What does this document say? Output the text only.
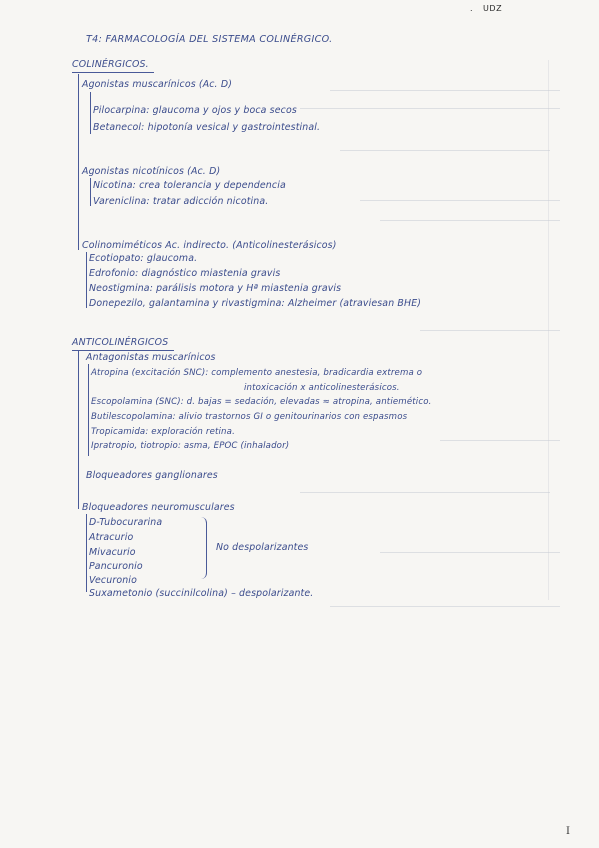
. UDZ
T4: FARMACOLOGÍA DEL SISTEMA COLINÉRGICO.
COLINÉRGICOS.
Agonistas muscarínicos (Ac. D)
Pilocarpina: glaucoma y ojos y boca secos
Betanecol: hipotonía vesical y gastrointestinal.
Agonistas nicotínicos (Ac. D)
Nicotina: crea tolerancia y dependencia
Vareniclina: tratar adicción nicotina.
Colinomiméticos Ac. indirecto. (Anticolinesterásicos)
Ecotiopato: glaucoma.
Edrofonio: diagnóstico miastenia gravis
Neostigmina: parálisis motora y Hª miastenia gravis
Donepezilo, galantamina y rivastigmina: Alzheimer (atraviesan BHE)
ANTICOLINÉRGICOS
Antagonistas muscarínicos
Atropina (excitación SNC): complemento anestesia, bradicardia extrema o
intoxicación x anticolinesterásicos.
Escopolamina (SNC): d. bajas = sedación, elevadas ≈ atropina, antiemético.
Butilescopolamina: alivio trastornos GI o genitourinarios con espasmos
Tropicamida: exploración retina.
Ipratropio, tiotropio: asma, EPOC (inhalador)
Bloqueadores ganglionares
Bloqueadores neuromusculares
D-Tubocurarina
Atracurio
Mivacurio
Pancuronio
Vecuronio
No despolarizantes
Suxametonio (succinilcolina) – despolarizante.
I
